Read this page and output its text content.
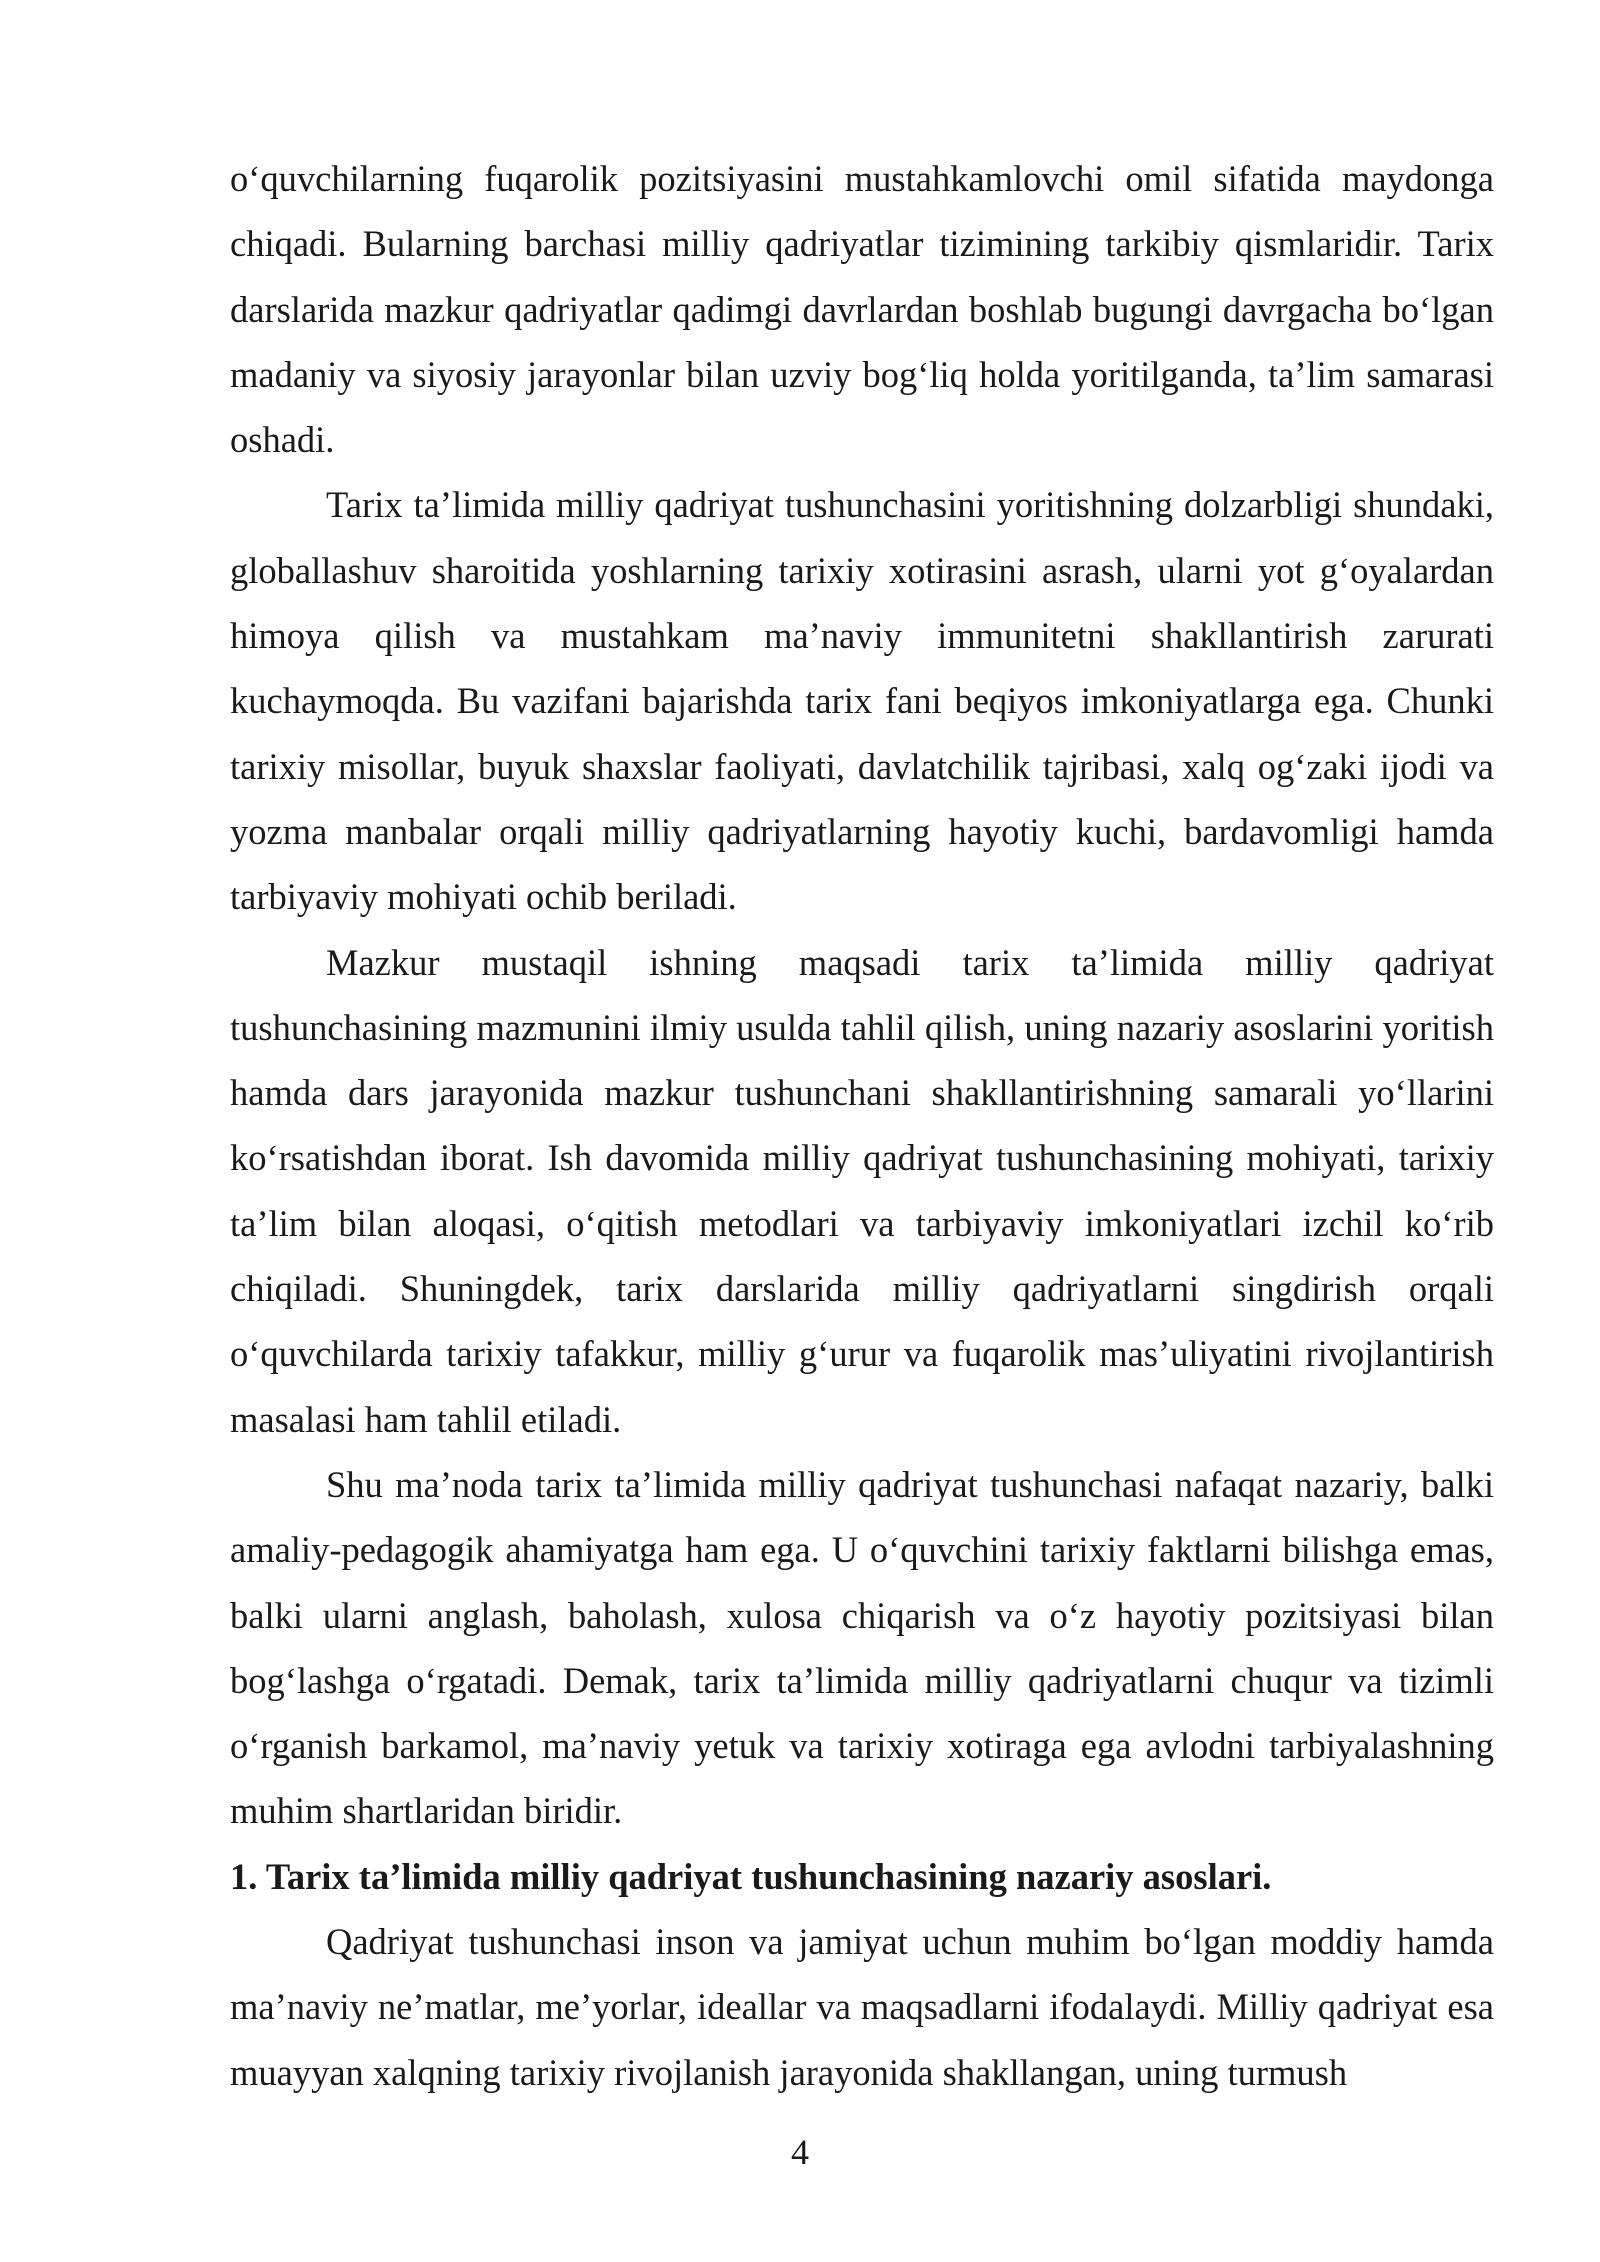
o‘quvchilarning fuqarolik pozitsiyasini mustahkamlovchi omil sifatida maydonga chiqadi. Bularning barchasi milliy qadriyatlar tizimining tarkibiy qismlaridir. Tarix darslarida mazkur qadriyatlar qadimgi davrlardan boshlab bugungi davrgacha bo‘lgan madaniy va siyosiy jarayonlar bilan uzviy bog‘liq holda yoritilganda, ta’lim samarasi oshadi.

Tarix ta’limida milliy qadriyat tushunchasini yoritishning dolzarbligi shundaki, globallashuv sharoitida yoshlarning tarixiy xotirasini asrash, ularni yot g‘oyalardan himoya qilish va mustahkam ma’naviy immunitetni shakllantirish zarurati kuchaymoqda. Bu vazifani bajarishda tarix fani beqiyos imkoniyatlarga ega. Chunki tarixiy misollar, buyuk shaxslar faoliyati, davlatchilik tajribasi, xalq og‘zaki ijodi va yozma manbalar orqali milliy qadriyatlarning hayotiy kuchi, bardavomligi hamda tarbiyaviy mohiyati ochib beriladi.

Mazkur mustaqil ishning maqsadi tarix ta’limida milliy qadriyat tushunchasining mazmunini ilmiy usulda tahlil qilish, uning nazariy asoslarini yoritish hamda dars jarayonida mazkur tushunchani shakllantirishning samarali yo‘llarini ko‘rsatishdan iborat. Ish davomida milliy qadriyat tushunchasining mohiyati, tarixiy ta’lim bilan aloqasi, o‘qitish metodlari va tarbiyaviy imkoniyatlari izchil ko‘rib chiqiladi. Shuningdek, tarix darslarida milliy qadriyatlarni singdirish orqali o‘quvchilarda tarixiy tafakkur, milliy g‘urur va fuqarolik mas’uliyatini rivojlantirish masalasi ham tahlil etiladi.

Shu ma’noda tarix ta’limida milliy qadriyat tushunchasi nafaqat nazariy, balki amaliy-pedagogik ahamiyatga ham ega. U o‘quvchini tarixiy faktlarni bilishga emas, balki ularni anglash, baholash, xulosa chiqarish va o‘z hayotiy pozitsiyasi bilan bog‘lashga o‘rgatadi. Demak, tarix ta’limida milliy qadriyatlarni chuqur va tizimli o‘rganish barkamol, ma’naviy yetuk va tarixiy xotiraga ega avlodni tarbiyalashning muhim shartlaridan biridir.

1. Tarix ta’limida milliy qadriyat tushunchasining nazariy asoslari.

Qadriyat tushunchasi inson va jamiyat uchun muhim bo‘lgan moddiy hamda ma’naviy ne’matlar, me’yorlar, ideallar va maqsadlarni ifodalaydi. Milliy qadriyat esa muayyan xalqning tarixiy rivojlanish jarayonida shakllangan, uning turmush

4
